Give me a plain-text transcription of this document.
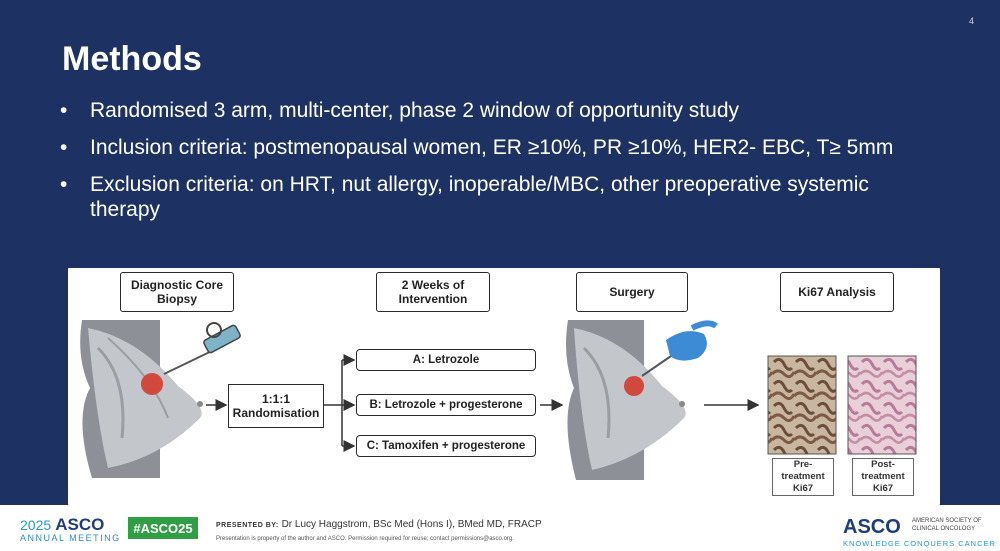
4
Methods
• Randomised 3 arm, multi-center, phase 2 window of opportunity study
• Inclusion criteria: postmenopausal women, ER ≥10%, PR ≥10%, HER2- EBC, T≥ 5mm
• Exclusion criteria: on HRT, nut allergy, inoperable/MBC, other preoperative systemic therapy
Diagnostic Core Biopsy
2 Weeks of Intervention	Surgery	Ki67 Analysis
1:1:1
Randomisation
A: Letrozole
B: Letrozole + progesterone
C: Tamoxifen + progesterone
Pre-treatment Ki67
Post-treatment Ki67
2025 ASCO
ANNUAL MEETING
#ASCO25	PRESENTED BY: Dr Lucy Haggstrom, BSc Med (Hons I), BMed MD, FRACP
Presentation is property of the author and ASCO. Permission required for reuse; contact permissions@asco.org.
ASCO AMERICAN SOCIETY OF CLINICAL ONCOLOGY
KNOWLEDGE CONQUERS CANCER
